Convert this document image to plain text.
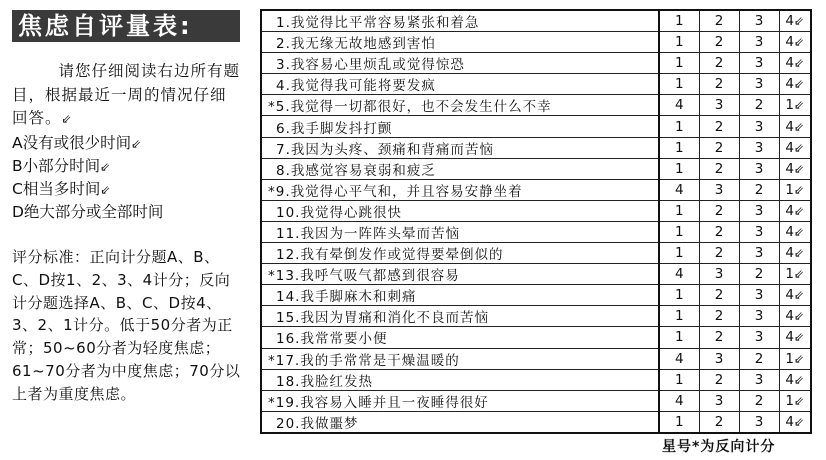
焦虑自评量表:
请您仔细阅读右边所有题目，根据最近一周的情况仔细回答。⇙
A没有或很少时间⇙
B小部分时间⇙
C相当多时间⇙
D绝大部分或全部时间
评分标准：正向计分题A、B、C、D按1、2、3、4计分；反向计分题选择A、B、C、D按4、3、2、1计分。低于50分者为正常；50~60分者为轻度焦虑；61~70分者为中度焦虑；70分以上者为重度焦虑。
1.我觉得比平常容易紧张和着急	1	2	3	4⇙
2.我无缘无故地感到害怕	1	2	3	4⇙
3.我容易心里烦乱或觉得惊恐	1	2	3	4⇙
4.我觉得我可能将要发疯	1	2	3	4⇙
*5.我觉得一切都很好，也不会发生什么不幸	4	3	2	1⇙
6.我手脚发抖打颤	1	2	3	4⇙
7.我因为头疼、颈痛和背痛而苦恼	1	2	3	4⇙
8.我感觉容易衰弱和疲乏	1	2	3	4⇙
*9.我觉得心平气和，并且容易安静坐着	4	3	2	1⇙
10.我觉得心跳很快	1	2	3	4⇙
11.我因为一阵阵头晕而苦恼	1	2	3	4⇙
12.我有晕倒发作或觉得要晕倒似的	1	2	3	4⇙
*13.我呼气吸气都感到很容易	4	3	2	1⇙
14.我手脚麻木和刺痛	1	2	3	4⇙
15.我因为胃痛和消化不良而苦恼	1	2	3	4⇙
16.我常常要小便	1	2	3	4⇙
*17.我的手常常是干燥温暖的	4	3	2	1⇙
18.我脸红发热	1	2	3	4⇙
*19.我容易入睡并且一夜睡得很好	4	3	2	1⇙
20.我做噩梦	1	2	3	4⇙
星号*为反向计分
